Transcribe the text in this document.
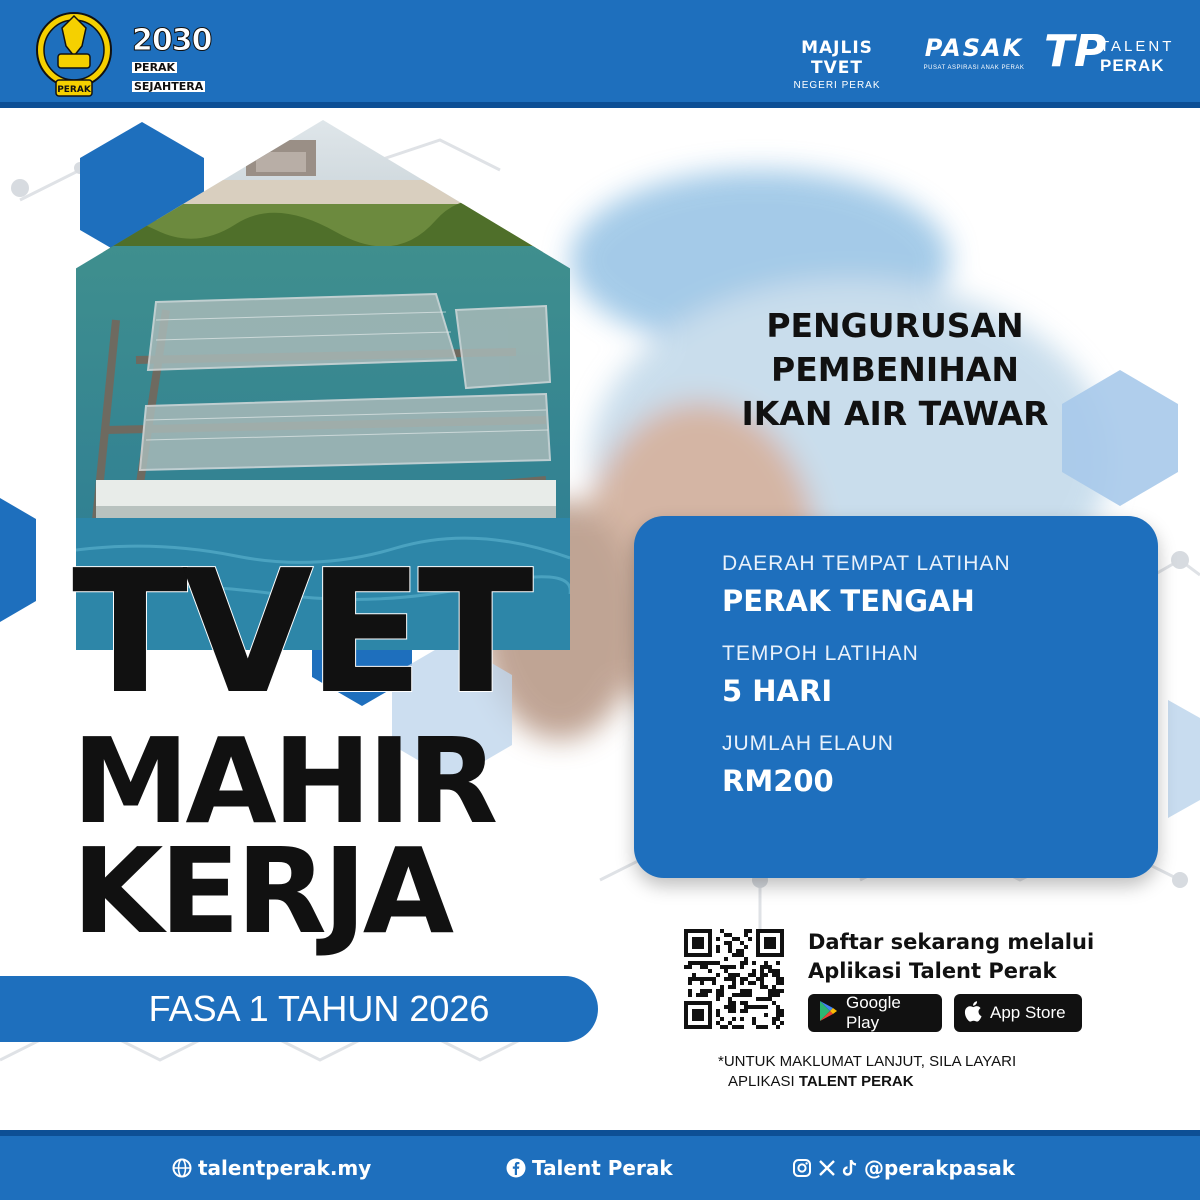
PERAK
2030
PERAK
SEJAHTERA
MAJLIS TVET
NEGERI PERAK
PASAK
PUSAT ASPIRASI ANAK PERAK TP
TALENT
PERAK
TVET
MAHIR
KERJA
FASA 1 TAHUN 2026
PENGURUSAN
PEMBENIHAN
IKAN AIR TAWAR
DAERAH TEMPAT LATIHAN
PERAK TENGAH
TEMPOH LATIHAN
5 HARI
JUMLAH ELAUN
RM200
Daftar sekarang melalui
Aplikasi Talent Perak
Google Play
App Store
*UNTUK MAKLUMAT LANJUT, SILA LAYARI
APLIKASI TALENT PERAK
talentperak.my	Talent Perak	@perakpasak
